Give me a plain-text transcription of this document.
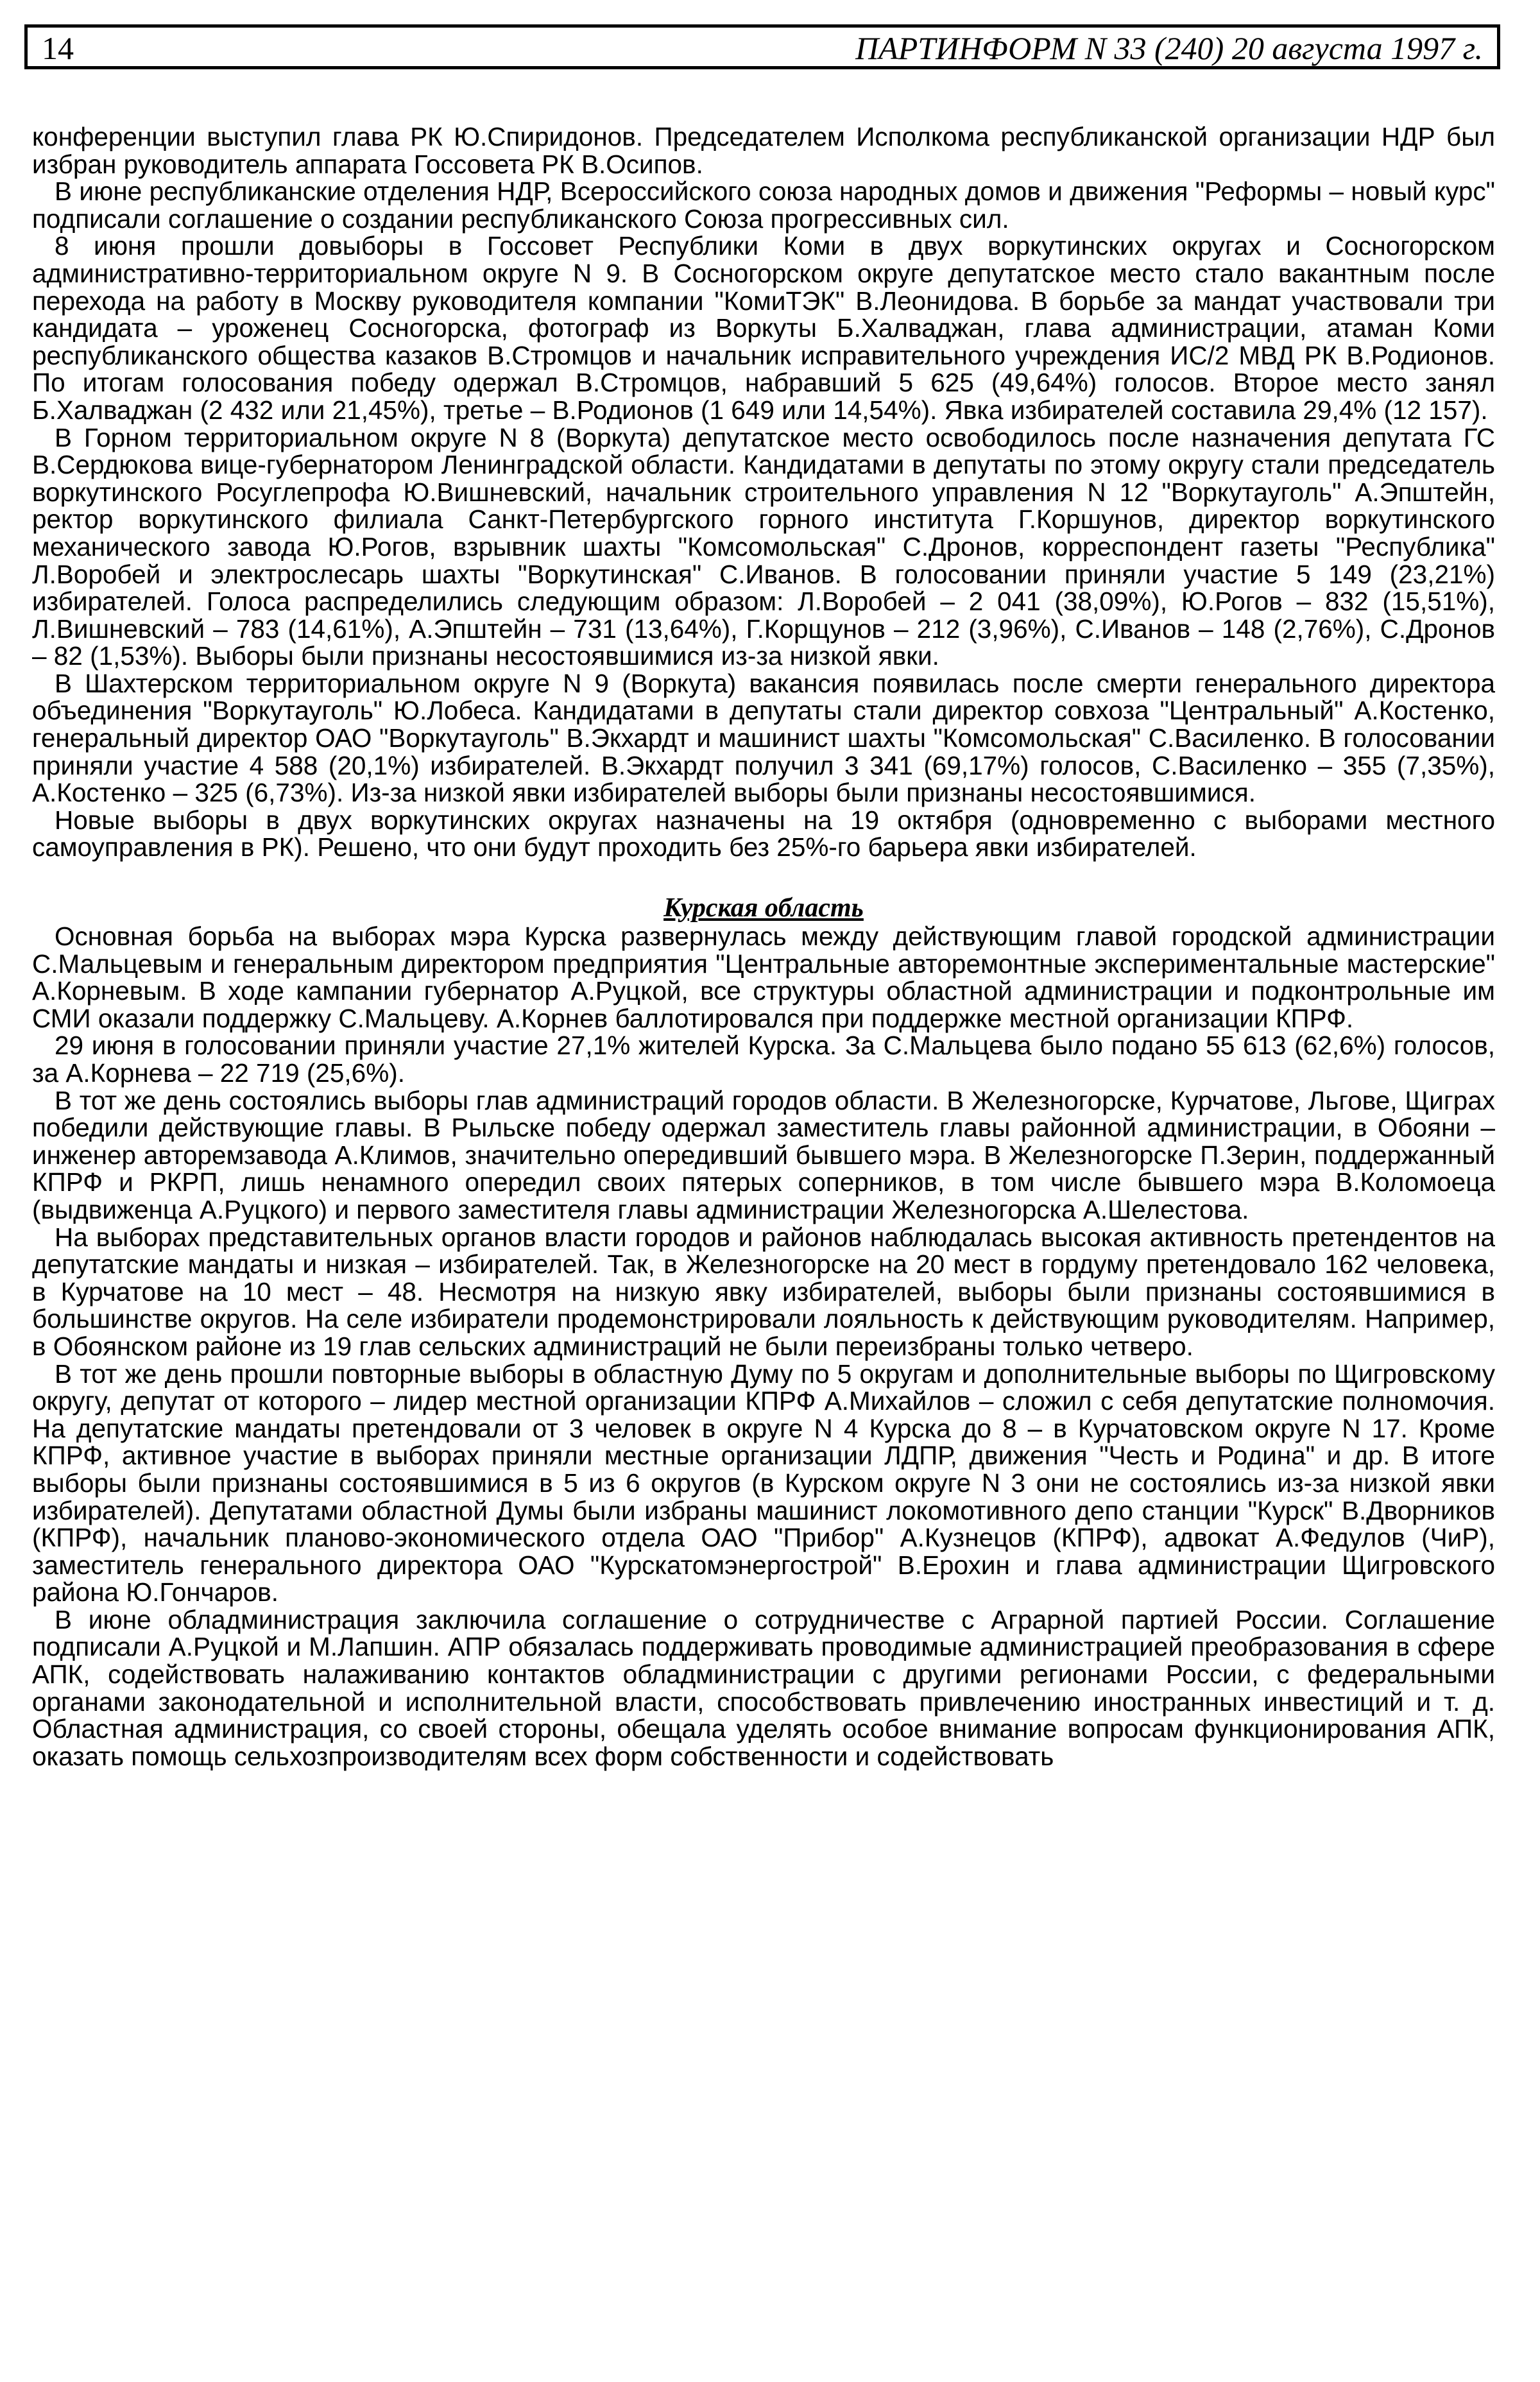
14	ПАРТИНФОРМ N 33 (240) 20 августа 1997 г.

конференции выступил глава РК Ю.Спиридонов. Председателем Исполкома республиканской организации НДР был избран руководитель аппарата Госсовета РК В.Осипов.

В июне республиканские отделения НДР, Всероссийского союза народных домов и движения "Реформы – новый курс" подписали соглашение о создании республиканского Союза прогрессивных сил.

8 июня прошли довыборы в Госсовет Республики Коми в двух воркутинских округах и Сосногорском административно-территориальном округе N 9. В Сосногорском округе депутатское место стало вакантным после перехода на работу в Москву руководителя компании "КомиТЭК" В.Леонидова. В борьбе за мандат участвовали три кандидата – уроженец Сосногорска, фотограф из Воркуты Б.Халваджан, глава администрации, атаман Коми республиканского общества казаков В.Стромцов и начальник исправительного учреждения ИС/2 МВД РК В.Родионов. По итогам голосования победу одержал В.Стромцов, набравший 5 625 (49,64%) голосов. Второе место занял Б.Халваджан (2 432 или 21,45%), третье – В.Родионов (1 649 или 14,54%). Явка избирателей составила 29,4% (12 157).

В Горном территориальном округе N 8 (Воркута) депутатское место освободилось после назначения депутата ГС В.Сердюкова вице-губернатором Ленинградской области. Кандидатами в депутаты по этому округу стали председатель воркутинского Росуглепрофа Ю.Вишневский, начальник строительного управления N 12 "Воркутауголь" А.Эпштейн, ректор воркутинского филиала Санкт-Петербургского горного института Г.Коршунов, директор воркутинского механического завода Ю.Рогов, взрывник шахты "Комсомольская" С.Дронов, корреспондент газеты "Республика" Л.Воробей и электрослесарь шахты "Воркутинская" С.Иванов. В голосовании приняли участие 5 149 (23,21%) избирателей. Голоса распределились следующим образом: Л.Воробей – 2 041 (38,09%), Ю.Рогов – 832 (15,51%), Л.Вишневский – 783 (14,61%), А.Эпштейн – 731 (13,64%), Г.Корщунов – 212 (3,96%), С.Иванов – 148 (2,76%), С.Дронов – 82 (1,53%). Выборы были признаны несостоявшимися из-за низкой явки.

В Шахтерском территориальном округе N 9 (Воркута) вакансия появилась после смерти генерального директора объединения "Воркутауголь" Ю.Лобеса. Кандидатами в депутаты стали директор совхоза "Центральный" А.Костенко, генеральный директор ОАО "Воркутауголь" В.Экхардт и машинист шахты "Комсомольская" С.Василенко. В голосовании приняли участие 4 588 (20,1%) избирателей. В.Экхардт получил 3 341 (69,17%) голосов, С.Василенко – 355 (7,35%), А.Костенко – 325 (6,73%). Из-за низкой явки избирателей выборы были признаны несостоявшимися.

Новые выборы в двух воркутинских округах назначены на 19 октября (одновременно с выборами местного самоуправления в РК). Решено, что они будут проходить без 25%-го барьера явки избирателей.

Курская область

Основная борьба на выборах мэра Курска развернулась между действующим главой городской администрации С.Мальцевым и генеральным директором предприятия "Центральные авторемонтные экспериментальные мастерские" А.Корневым. В ходе кампании губернатор А.Руцкой, все структуры областной администрации и подконтрольные им СМИ оказали поддержку С.Мальцеву. А.Корнев баллотировался при поддержке местной организации КПРФ.

29 июня в голосовании приняли участие 27,1% жителей Курска. За С.Мальцева было подано 55 613 (62,6%) голосов, за А.Корнева – 22 719 (25,6%).

В тот же день состоялись выборы глав администраций городов области. В Железногорске, Курчатове, Льгове, Щиграх победили действующие главы. В Рыльске победу одержал заместитель главы районной администрации, в Обояни – инженер авторемзавода А.Климов, значительно опередивший бывшего мэра. В Железногорске П.Зерин, поддержанный КПРФ и РКРП, лишь ненамного опередил своих пятерых соперников, в том числе бывшего мэра В.Коломоеца (выдвиженца А.Руцкого) и первого заместителя главы администрации Железногорска А.Шелестова.

На выборах представительных органов власти городов и районов наблюдалась высокая активность претендентов на депутатские мандаты и низкая – избирателей. Так, в Железногорске на 20 мест в гордуму претендовало 162 человека, в Курчатове на 10 мест – 48. Несмотря на низкую явку избирателей, выборы были признаны состоявшимися в большинстве округов. На селе избиратели продемонстрировали лояльность к действующим руководителям. Например, в Обоянском районе из 19 глав сельских администраций не были переизбраны только четверо.

В тот же день прошли повторные выборы в областную Думу по 5 округам и дополнительные выборы по Щигровскому округу, депутат от которого – лидер местной организации КПРФ А.Михайлов – сложил с себя депутатские полномочия. На депутатские мандаты претендовали от 3 человек в округе N 4 Курска до 8 – в Курчатовском округе N 17. Кроме КПРФ, активное участие в выборах приняли местные организации ЛДПР, движения "Честь и Родина" и др. В итоге выборы были признаны состоявшимися в 5 из 6 округов (в Курском округе N 3 они не состоялись из-за низкой явки избирателей). Депутатами областной Думы были избраны машинист локомотивного депо станции "Курск" В.Дворников (КПРФ), начальник планово-экономического отдела ОАО "Прибор" А.Кузнецов (КПРФ), адвокат А.Федулов (ЧиР), заместитель генерального директора ОАО "Курскатомэнергострой" В.Ерохин и глава администрации Щигровского района Ю.Гончаров.

В июне обладминистрация заключила соглашение о сотрудничестве с Аграрной партией России. Соглашение подписали А.Руцкой и М.Лапшин. АПР обязалась поддерживать проводимые администрацией преобразования в сфере АПК, содействовать налаживанию контактов обладминистрации с другими регионами России, с федеральными органами законодательной и исполнительной власти, способствовать привлечению иностранных инвестиций и т. д. Областная администрация, со своей стороны, обещала уделять особое внимание вопросам функционирования АПК, оказать помощь сельхозпроизводителям всех форм собственности и содействовать
